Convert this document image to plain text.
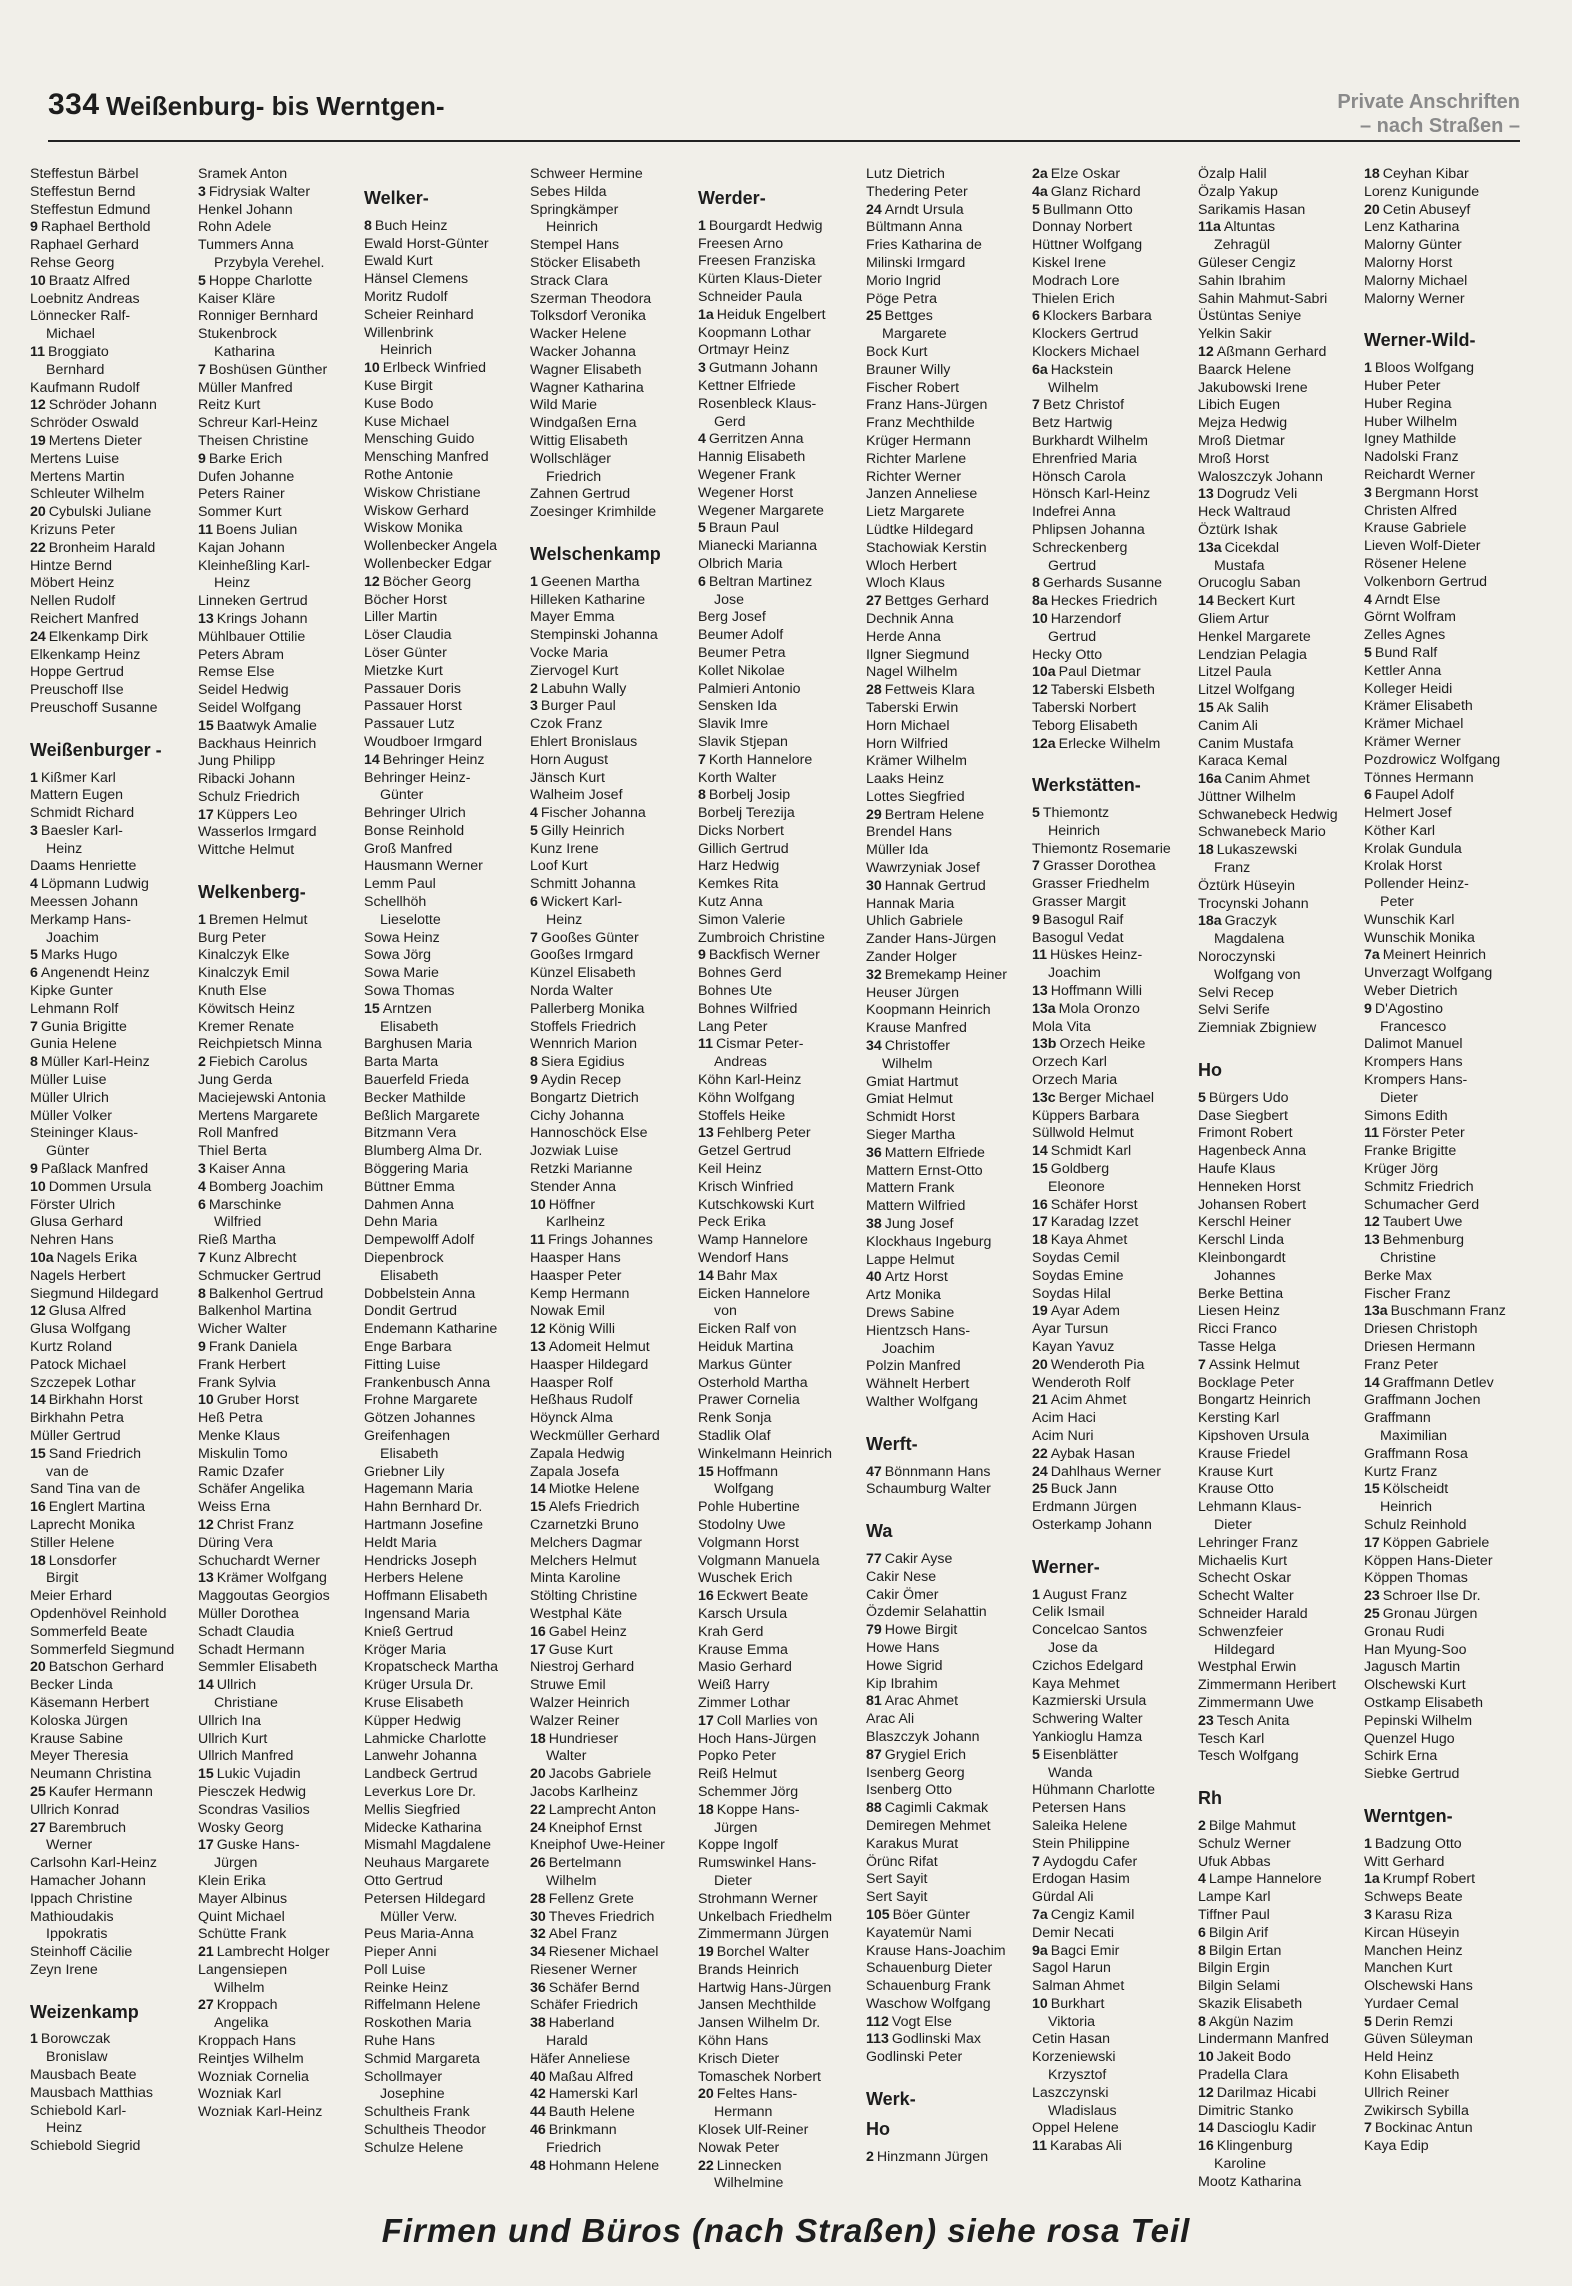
334 Weißenburg- bis Werntgen-	Private Anschriften
– nach Straßen –
Steffestun Bärbel
Steffestun Bernd
Steffestun Edmund
9 Raphael Berthold
Raphael Gerhard
Rehse Georg
10 Braatz Alfred
Loebnitz Andreas
Lönnecker Ralf-
Michael
11 Broggiato
Bernhard
Kaufmann Rudolf
12 Schröder Johann
Schröder Oswald
19 Mertens Dieter
Mertens Luise
Mertens Martin
Schleuter Wilhelm
20 Cybulski Juliane
Krizuns Peter
22 Bronheim Harald
Hintze Bernd
Möbert Heinz
Nellen Rudolf
Reichert Manfred
24 Elkenkamp Dirk
Elkenkamp Heinz
Hoppe Gertrud
Preuschoff Ilse
Preuschoff Susanne
Weißenburger -
1 Kißmer Karl
Mattern Eugen
Schmidt Richard
3 Baesler Karl-
Heinz
Daams Henriette
4 Löpmann Ludwig
Meessen Johann
Merkamp Hans-
Joachim
5 Marks Hugo
6 Angenendt Heinz
Kipke Gunter
Lehmann Rolf
7 Gunia Brigitte
Gunia Helene
8 Müller Karl-Heinz
Müller Luise
Müller Ulrich
Müller Volker
Steininger Klaus-
Günter
9 Paßlack Manfred
10 Dommen Ursula
Förster Ulrich
Glusa Gerhard
Nehren Hans
10a Nagels Erika
Nagels Herbert
Siegmund Hildegard
12 Glusa Alfred
Glusa Wolfgang
Kurtz Roland
Patock Michael
Szczepek Lothar
14 Birkhahn Horst
Birkhahn Petra
Müller Gertrud
15 Sand Friedrich
van de
Sand Tina van de
16 Englert Martina
Laprecht Monika
Stiller Helene
18 Lonsdorfer
Birgit
Meier Erhard
Opdenhövel Reinhold
Sommerfeld Beate
Sommerfeld Siegmund
20 Batschon Gerhard
Becker Linda
Käsemann Herbert
Koloska Jürgen
Krause Sabine
Meyer Theresia
Neumann Christina
25 Kaufer Hermann
Ullrich Konrad
27 Barembruch
Werner
Carlsohn Karl-Heinz
Hamacher Johann
Ippach Christine
Mathioudakis
Ippokratis
Steinhoff Cäcilie
Zeyn Irene
Weizenkamp
1 Borowczak
Bronislaw
Mausbach Beate
Mausbach Matthias
Schiebold Karl-
Heinz
Schiebold Siegrid
Sramek Anton
3 Fidrysiak Walter
Henkel Johann
Rohn Adele
Tummers Anna
Przybyla Verehel.
5 Hoppe Charlotte
Kaiser Kläre
Ronniger Bernhard
Stukenbrock
Katharina
7 Boshüsen Günther
Müller Manfred
Reitz Kurt
Schreur Karl-Heinz
Theisen Christine
9 Barke Erich
Dufen Johanne
Peters Rainer
Sommer Kurt
11 Boens Julian
Kajan Johann
Kleinheßling Karl-
Heinz
Linneken Gertrud
13 Krings Johann
Mühlbauer Ottilie
Peters Abram
Remse Else
Seidel Hedwig
Seidel Wolfgang
15 Baatwyk Amalie
Backhaus Heinrich
Jung Philipp
Ribacki Johann
Schulz Friedrich
17 Küppers Leo
Wasserlos Irmgard
Wittche Helmut
Welkenberg-
1 Bremen Helmut
Burg Peter
Kinalczyk Elke
Kinalczyk Emil
Knuth Else
Köwitsch Heinz
Kremer Renate
Reichpietsch Minna
2 Fiebich Carolus
Jung Gerda
Maciejewski Antonia
Mertens Margarete
Roll Manfred
Thiel Berta
3 Kaiser Anna
4 Bomberg Joachim
6 Marschinke
Wilfried
Rieß Martha
7 Kunz Albrecht
Schmucker Gertrud
8 Balkenhol Gertrud
Balkenhol Martina
Wicher Walter
9 Frank Daniela
Frank Herbert
Frank Sylvia
10 Gruber Horst
Heß Petra
Menke Klaus
Miskulin Tomo
Ramic Dzafer
Schäfer Angelika
Weiss Erna
12 Christ Franz
Düring Vera
Schuchardt Werner
13 Krämer Wolfgang
Maggoutas Georgios
Müller Dorothea
Schadt Claudia
Schadt Hermann
Semmler Elisabeth
14 Ullrich
Christiane
Ullrich Ina
Ullrich Kurt
Ullrich Manfred
15 Lukic Vujadin
Piesczek Hedwig
Scondras Vasilios
Wosky Georg
17 Guske Hans-
Jürgen
Klein Erika
Mayer Albinus
Quint Michael
Schütte Frank
21 Lambrecht Holger
Langensiepen
Wilhelm
27 Kroppach
Angelika
Kroppach Hans
Reintjes Wilhelm
Wozniak Cornelia
Wozniak Karl
Wozniak Karl-Heinz
Welker-
8 Buch Heinz
Ewald Horst-Günter
Ewald Kurt
Hänsel Clemens
Moritz Rudolf
Scheier Reinhard
Willenbrink
Heinrich
10 Erlbeck Winfried
Kuse Birgit
Kuse Bodo
Kuse Michael
Mensching Guido
Mensching Manfred
Rothe Antonie
Wiskow Christiane
Wiskow Gerhard
Wiskow Monika
Wollenbecker Angela
Wollenbecker Edgar
12 Böcher Georg
Böcher Horst
Liller Martin
Löser Claudia
Löser Günter
Mietzke Kurt
Passauer Doris
Passauer Horst
Passauer Lutz
Woudboer Irmgard
14 Behringer Heinz
Behringer Heinz-
Günter
Behringer Ulrich
Bonse Reinhold
Groß Manfred
Hausmann Werner
Lemm Paul
Schellhöh
Lieselotte
Sowa Heinz
Sowa Jörg
Sowa Marie
Sowa Thomas
15 Arntzen
Elisabeth
Barghusen Maria
Barta Marta
Bauerfeld Frieda
Becker Mathilde
Beßlich Margarete
Bitzmann Vera
Blumberg Alma Dr.
Böggering Maria
Büttner Emma
Dahmen Anna
Dehn Maria
Dempewolff Adolf
Diepenbrock
Elisabeth
Dobbelstein Anna
Dondit Gertrud
Endemann Katharine
Enge Barbara
Fitting Luise
Frankenbusch Anna
Frohne Margarete
Götzen Johannes
Greifenhagen
Elisabeth
Griebner Lily
Hagemann Maria
Hahn Bernhard Dr.
Hartmann Josefine
Heldt Maria
Hendricks Joseph
Herbers Helene
Hoffmann Elisabeth
Ingensand Maria
Knieß Gertrud
Kröger Maria
Kropatscheck Martha
Krüger Ursula Dr.
Kruse Elisabeth
Küpper Hedwig
Lahmicke Charlotte
Lanwehr Johanna
Landbeck Gertrud
Leverkus Lore Dr.
Mellis Siegfried
Midecke Katharina
Mismahl Magdalene
Neuhaus Margarete
Otto Gertrud
Petersen Hildegard
Müller Verw.
Peus Maria-Anna
Pieper Anni
Poll Luise
Reinke Heinz
Riffelmann Helene
Roskothen Maria
Ruhe Hans
Schmid Margareta
Schollmayer
Josephine
Schultheis Frank
Schultheis Theodor
Schulze Helene
Schweer Hermine
Sebes Hilda
Springkämper
Heinrich
Stempel Hans
Stöcker Elisabeth
Strack Clara
Szerman Theodora
Tolksdorf Veronika
Wacker Helene
Wacker Johanna
Wagner Elisabeth
Wagner Katharina
Wild Marie
Windgaßen Erna
Wittig Elisabeth
Wollschläger
Friedrich
Zahnen Gertrud
Zoesinger Krimhilde
Welschenkamp
1 Geenen Martha
Hilleken Katharine
Mayer Emma
Stempinski Johanna
Vocke Maria
Ziervogel Kurt
2 Labuhn Wally
3 Burger Paul
Czok Franz
Ehlert Bronislaus
Horn August
Jänsch Kurt
Walheim Josef
4 Fischer Johanna
5 Gilly Heinrich
Kunz Irene
Loof Kurt
Schmitt Johanna
6 Wickert Karl-
Heinz
7 Gooßes Günter
Gooßes Irmgard
Künzel Elisabeth
Norda Walter
Pallerberg Monika
Stoffels Friedrich
Wennrich Marion
8 Siera Egidius
9 Aydin Recep
Bongartz Dietrich
Cichy Johanna
Hannoschöck Else
Jozwiak Luise
Retzki Marianne
Stender Anna
10 Höffner
Karlheinz
11 Frings Johannes
Haasper Hans
Haasper Peter
Kemp Hermann
Nowak Emil
12 König Willi
13 Adomeit Helmut
Haasper Hildegard
Haasper Rolf
Heßhaus Rudolf
Höynck Alma
Weckmüller Gerhard
Zapala Hedwig
Zapala Josefa
14 Miotke Helene
15 Alefs Friedrich
Czarnetzki Bruno
Melchers Dagmar
Melchers Helmut
Minta Karoline
Stölting Christine
Westphal Käte
16 Gabel Heinz
17 Guse Kurt
Niestroj Gerhard
Struwe Emil
Walzer Heinrich
Walzer Reiner
18 Hundrieser
Walter
20 Jacobs Gabriele
Jacobs Karlheinz
22 Lamprecht Anton
24 Kneiphof Ernst
Kneiphof Uwe-Heiner
26 Bertelmann
Wilhelm
28 Fellenz Grete
30 Theves Friedrich
32 Abel Franz
34 Riesener Michael
Riesener Werner
36 Schäfer Bernd
Schäfer Friedrich
38 Haberland
Harald
Häfer Anneliese
40 Maßau Alfred
42 Hamerski Karl
44 Bauth Helene
46 Brinkmann
Friedrich
48 Hohmann Helene
Werder-
1 Bourgardt Hedwig
Freesen Arno
Freesen Franziska
Kürten Klaus-Dieter
Schneider Paula
1a Heiduk Engelbert
Koopmann Lothar
Ortmayr Heinz
3 Gutmann Johann
Kettner Elfriede
Rosenbleck Klaus-
Gerd
4 Gerritzen Anna
Hannig Elisabeth
Wegener Frank
Wegener Horst
Wegener Margarete
5 Braun Paul
Mianecki Marianna
Olbrich Maria
6 Beltran Martinez
Jose
Berg Josef
Beumer Adolf
Beumer Petra
Kollet Nikolae
Palmieri Antonio
Sensken Ida
Slavik Imre
Slavik Stjepan
7 Korth Hannelore
Korth Walter
8 Borbelj Josip
Borbelj Terezija
Dicks Norbert
Gillich Gertrud
Harz Hedwig
Kemkes Rita
Kutz Anna
Simon Valerie
Zumbroich Christine
9 Backfisch Werner
Bohnes Gerd
Bohnes Ute
Bohnes Wilfried
Lang Peter
11 Cismar Peter-
Andreas
Köhn Karl-Heinz
Köhn Wolfgang
Stoffels Heike
13 Fehlberg Peter
Getzel Gertrud
Keil Heinz
Krisch Winfried
Kutschkowski Kurt
Peck Erika
Wamp Hannelore
Wendorf Hans
14 Bahr Max
Eicken Hannelore
von
Eicken Ralf von
Heiduk Martina
Markus Günter
Osterhold Martha
Prawer Cornelia
Renk Sonja
Stadlik Olaf
Winkelmann Heinrich
15 Hoffmann
Wolfgang
Pohle Hubertine
Stodolny Uwe
Volgmann Horst
Volgmann Manuela
Wuschek Erich
16 Eckwert Beate
Karsch Ursula
Krah Gerd
Krause Emma
Masio Gerhard
Weiß Harry
Zimmer Lothar
17 Coll Marlies von
Hoch Hans-Jürgen
Popko Peter
Reiß Helmut
Schemmer Jörg
18 Koppe Hans-
Jürgen
Koppe Ingolf
Rumswinkel Hans-
Dieter
Strohmann Werner
Unkelbach Friedhelm
Zimmermann Jürgen
19 Borchel Walter
Brands Heinrich
Hartwig Hans-Jürgen
Jansen Mechthilde
Jansen Wilhelm Dr.
Köhn Hans
Krisch Dieter
Tomaschek Norbert
20 Feltes Hans-
Hermann
Klosek Ulf-Reiner
Nowak Peter
22 Linnecken
Wilhelmine
Lutz Dietrich
Thedering Peter
24 Arndt Ursula
Bültmann Anna
Fries Katharina de
Milinski Irmgard
Morio Ingrid
Pöge Petra
25 Bettges
Margarete
Bock Kurt
Brauner Willy
Fischer Robert
Franz Hans-Jürgen
Franz Mechthilde
Krüger Hermann
Richter Marlene
Richter Werner
Janzen Anneliese
Lietz Margarete
Lüdtke Hildegard
Stachowiak Kerstin
Wloch Herbert
Wloch Klaus
27 Bettges Gerhard
Dechnik Anna
Herde Anna
Ilgner Siegmund
Nagel Wilhelm
28 Fettweis Klara
Taberski Erwin
Horn Michael
Horn Wilfried
Krämer Wilhelm
Laaks Heinz
Lottes Siegfried
29 Bertram Helene
Brendel Hans
Müller Ida
Wawrzyniak Josef
30 Hannak Gertrud
Hannak Maria
Uhlich Gabriele
Zander Hans-Jürgen
Zander Holger
32 Bremekamp Heiner
Heuser Jürgen
Koopmann Heinrich
Krause Manfred
34 Christoffer
Wilhelm
Gmiat Hartmut
Gmiat Helmut
Schmidt Horst
Sieger Martha
36 Mattern Elfriede
Mattern Ernst-Otto
Mattern Frank
Mattern Wilfried
38 Jung Josef
Klockhaus Ingeburg
Lappe Helmut
40 Artz Horst
Artz Monika
Drews Sabine
Hientzsch Hans-
Joachim
Polzin Manfred
Wähnelt Herbert
Walther Wolfgang
Werft-
47 Bönnmann Hans
Schaumburg Walter
Wa
77 Cakir Ayse
Cakir Nese
Cakir Ömer
Özdemir Selahattin
79 Howe Birgit
Howe Hans
Howe Sigrid
Kip Ibrahim
81 Arac Ahmet
Arac Ali
Blaszczyk Johann
87 Grygiel Erich
Isenberg Georg
Isenberg Otto
88 Cagimli Cakmak
Demiregen Mehmet
Karakus Murat
Örünc Rifat
Sert Sayit
Sert Sayit
105 Böer Günter
Kayatemür Nami
Krause Hans-Joachim
Schauenburg Dieter
Schauenburg Frank
Waschow Wolfgang
112 Vogt Else
113 Godlinski Max
Godlinski Peter
Werk-
Ho
2 Hinzmann Jürgen
2a Elze Oskar
4a Glanz Richard
5 Bullmann Otto
Donnay Norbert
Hüttner Wolfgang
Kiskel Irene
Modrach Lore
Thielen Erich
6 Klockers Barbara
Klockers Gertrud
Klockers Michael
6a Hackstein
Wilhelm
7 Betz Christof
Betz Hartwig
Burkhardt Wilhelm
Ehrenfried Maria
Hönsch Carola
Hönsch Karl-Heinz
Indefrei Anna
Phlipsen Johanna
Schreckenberg
Gertrud
8 Gerhards Susanne
8a Heckes Friedrich
10 Harzendorf
Gertrud
Hecky Otto
10a Paul Dietmar
12 Taberski Elsbeth
Taberski Norbert
Teborg Elisabeth
12a Erlecke Wilhelm
Werkstätten-
5 Thiemontz
Heinrich
Thiemontz Rosemarie
7 Grasser Dorothea
Grasser Friedhelm
Grasser Margit
9 Basogul Raif
Basogul Vedat
11 Hüskes Heinz-
Joachim
13 Hoffmann Willi
13a Mola Oronzo
Mola Vita
13b Orzech Heike
Orzech Karl
Orzech Maria
13c Berger Michael
Küppers Barbara
Süllwold Helmut
14 Schmidt Karl
15 Goldberg
Eleonore
16 Schäfer Horst
17 Karadag Izzet
18 Kaya Ahmet
Soydas Cemil
Soydas Emine
Soydas Hilal
19 Ayar Adem
Ayar Tursun
Kayan Yavuz
20 Wenderoth Pia
Wenderoth Rolf
21 Acim Ahmet
Acim Haci
Acim Nuri
22 Aybak Hasan
24 Dahlhaus Werner
25 Buck Jann
Erdmann Jürgen
Osterkamp Johann
Werner-
1 August Franz
Celik Ismail
Concelcao Santos
Jose da
Czichos Edelgard
Kaya Mehmet
Kazmierski Ursula
Schwering Walter
Yankioglu Hamza
5 Eisenblätter
Wanda
Hühmann Charlotte
Petersen Hans
Saleika Helene
Stein Philippine
7 Aydogdu Cafer
Erdogan Hasim
Gürdal Ali
7a Cengiz Kamil
Demir Necati
9a Bagci Emir
Sagol Harun
Salman Ahmet
10 Burkhart
Viktoria
Cetin Hasan
Korzeniewski
Krzysztof
Laszczynski
Wladislaus
Oppel Helene
11 Karabas Ali
Özalp Halil
Özalp Yakup
Sarikamis Hasan
11a Altuntas
Zehragül
Güleser Cengiz
Sahin Ibrahim
Sahin Mahmut-Sabri
Üstüntas Seniye
Yelkin Sakir
12 Aßmann Gerhard
Baarck Helene
Jakubowski Irene
Libich Eugen
Mejza Hedwig
Mroß Dietmar
Mroß Horst
Waloszczyk Johann
13 Dogrudz Veli
Heck Waltraud
Öztürk Ishak
13a Cicekdal
Mustafa
Orucoglu Saban
14 Beckert Kurt
Gliem Artur
Henkel Margarete
Lendzian Pelagia
Litzel Paula
Litzel Wolfgang
15 Ak Salih
Canim Ali
Canim Mustafa
Karaca Kemal
16a Canim Ahmet
Jüttner Wilhelm
Schwanebeck Hedwig
Schwanebeck Mario
18 Lukaszewski
Franz
Öztürk Hüseyin
Trocynski Johann
18a Graczyk
Magdalena
Noroczynski
Wolfgang von
Selvi Recep
Selvi Serife
Ziemniak Zbigniew
Ho
5 Bürgers Udo
Dase Siegbert
Frimont Robert
Hagenbeck Anna
Haufe Klaus
Henneken Horst
Johansen Robert
Kerschl Heiner
Kerschl Linda
Kleinbongardt
Johannes
Berke Bettina
Liesen Heinz
Ricci Franco
Tasse Helga
7 Assink Helmut
Bocklage Peter
Bongartz Heinrich
Kersting Karl
Kipshoven Ursula
Krause Friedel
Krause Kurt
Krause Otto
Lehmann Klaus-
Dieter
Lehringer Franz
Michaelis Kurt
Schecht Oskar
Schecht Walter
Schneider Harald
Schwenzfeier
Hildegard
Westphal Erwin
Zimmermann Heribert
Zimmermann Uwe
23 Tesch Anita
Tesch Karl
Tesch Wolfgang
Rh
2 Bilge Mahmut
Schulz Werner
Ufuk Abbas
4 Lampe Hannelore
Lampe Karl
Tiffner Paul
6 Bilgin Arif
8 Bilgin Ertan
Bilgin Ergin
Bilgin Selami
Skazik Elisabeth
8 Akgün Nazim
Lindermann Manfred
10 Jakeit Bodo
Pradella Clara
12 Darilmaz Hicabi
Dimitric Stanko
14 Dascioglu Kadir
16 Klingenburg
Karoline
Mootz Katharina
18 Ceyhan Kibar
Lorenz Kunigunde
20 Cetin Abuseyf
Lenz Katharina
Malorny Günter
Malorny Horst
Malorny Michael
Malorny Werner
Werner-Wild-
1 Bloos Wolfgang
Huber Peter
Huber Regina
Huber Wilhelm
Igney Mathilde
Nadolski Franz
Reichardt Werner
3 Bergmann Horst
Christen Alfred
Krause Gabriele
Lieven Wolf-Dieter
Rösener Helene
Volkenborn Gertrud
4 Arndt Else
Görnt Wolfram
Zelles Agnes
5 Bund Ralf
Kettler Anna
Kolleger Heidi
Krämer Elisabeth
Krämer Michael
Krämer Werner
Pozdrowicz Wolfgang
Tönnes Hermann
6 Faupel Adolf
Helmert Josef
Köther Karl
Krolak Gundula
Krolak Horst
Pollender Heinz-
Peter
Wunschik Karl
Wunschik Monika
7a Meinert Heinrich
Unverzagt Wolfgang
Weber Dietrich
9 D'Agostino
Francesco
Dalimot Manuel
Krompers Hans
Krompers Hans-
Dieter
Simons Edith
11 Förster Peter
Franke Brigitte
Krüger Jörg
Schmitz Friedrich
Schumacher Gerd
12 Taubert Uwe
13 Behmenburg
Christine
Berke Max
Fischer Franz
13a Buschmann Franz
Driesen Christoph
Driesen Hermann
Franz Peter
14 Graffmann Detlev
Graffmann Jochen
Graffmann
Maximilian
Graffmann Rosa
Kurtz Franz
15 Kölscheidt
Heinrich
Schulz Reinhold
17 Köppen Gabriele
Köppen Hans-Dieter
Köppen Thomas
23 Schroer Ilse Dr.
25 Gronau Jürgen
Gronau Rudi
Han Myung-Soo
Jagusch Martin
Olschewski Kurt
Ostkamp Elisabeth
Pepinski Wilhelm
Quenzel Hugo
Schirk Erna
Siebke Gertrud
Werntgen-
1 Badzung Otto
Witt Gerhard
1a Krumpf Robert
Schweps Beate
3 Karasu Riza
Kircan Hüseyin
Manchen Heinz
Manchen Kurt
Olschewski Hans
Yurdaer Cemal
5 Derin Remzi
Güven Süleyman
Held Heinz
Kohn Elisabeth
Ullrich Reiner
Zwikirsch Sybilla
7 Bockinac Antun
Kaya Edip
Firmen und Büros (nach Straßen) siehe rosa Teil
